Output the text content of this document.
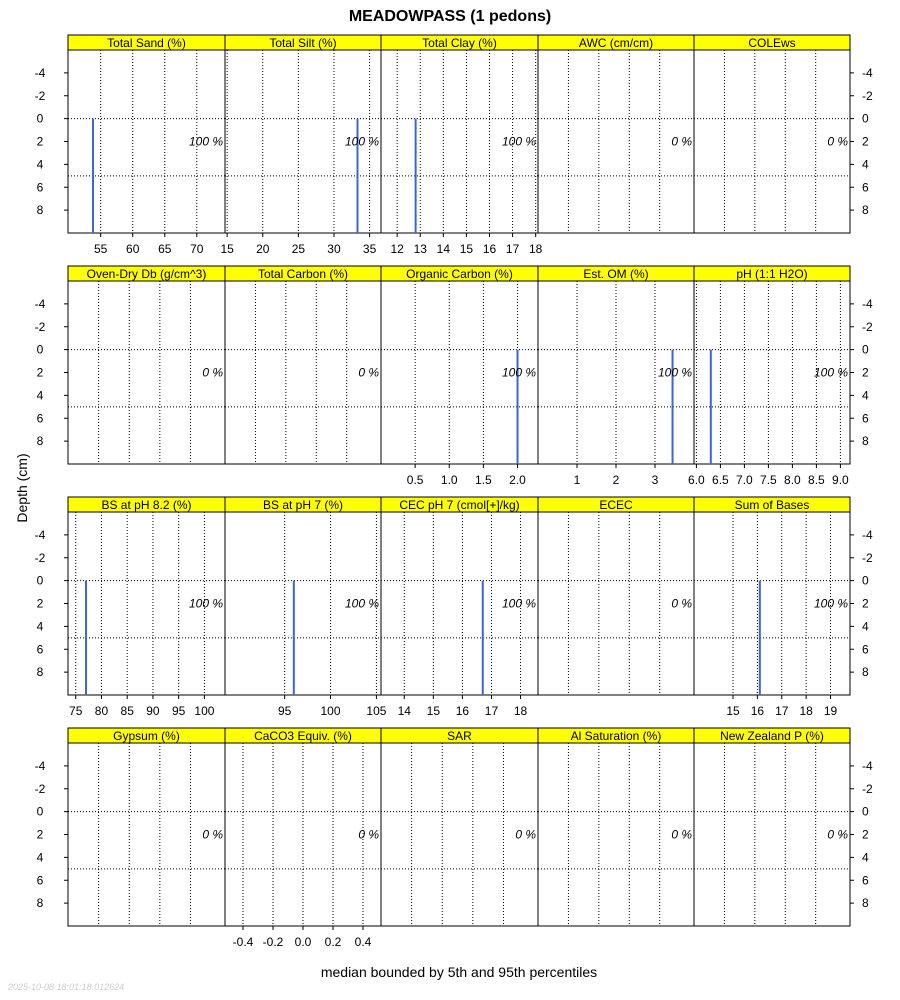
MEADOWPASS (1 pedons)
Depth (cm)
median bounded by 5th and 95th percentiles
2025-10-08 18:01:18.012624
-4	-4
-2	-2
0	0
2	2
4	4
6	6
8	8
Total Sand (%)
55 60 65 70
100 %
Total Silt (%)
15 20 25 30 35
100 %
Total Clay (%)
12 13 14 15 16 17 18
100 %
AWC (cm/cm)
0 %
COLEws
0 %
-4	-4
-2	-2
0	0
2	2
4	4
6	6
8	8
Oven-Dry Db (g/cm^3)
0 %
Total Carbon (%)
0 %
Organic Carbon (%)
0.5 1.0 1.5 2.0
100 %
Est. OM (%)
1	2	3
100 %
pH (1:1 H2O)
6.0 6.5 7.0 7.5 8.0 8.5 9.0
100 %
-4	-4
-2	-2
0	0
2	2
4	4
6	6
8	8
BS at pH 8.2 (%)
75 80 85 90 95 100
100 %
BS at pH 7 (%)
95 100 105
100 %
CEC pH 7 (cmol[+]/kg)
14 15 16 17 18
100 %
ECEC
0 %
Sum of Bases
15 16 17 18 19
100 %
-4	-4
-2	-2
0	0
2	2
4	4
6	6
8	8
Gypsum (%)
0 %
CaCO3 Equiv. (%)
-0.4 -0.2 0.0 0.2 0.4
0 %
SAR
0 %
Al Saturation (%)
0 %
New Zealand P (%)
0 %
